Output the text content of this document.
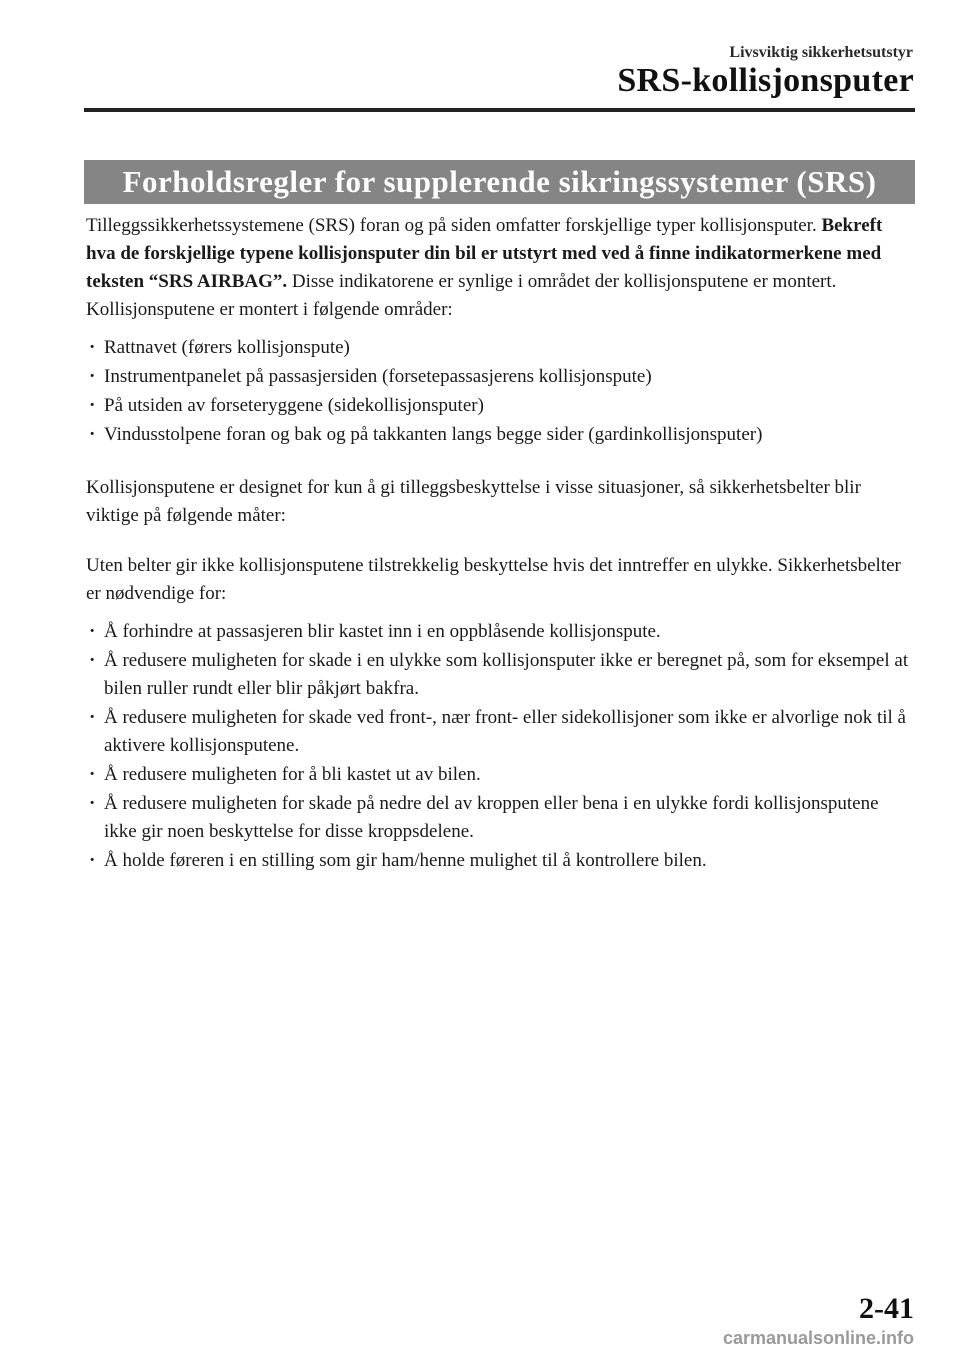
Livsviktig sikkerhetsutstyr
SRS-kollisjonsputer
Forholdsregler for supplerende sikringssystemer (SRS)

Tilleggssikkerhetssystemene (SRS) foran og på siden omfatter forskjellige typer kollisjonsputer. Bekreft hva de forskjellige typene kollisjonsputer din bil er utstyrt med ved å finne indikatormerkene med teksten “SRS AIRBAG”. Disse indikatorene er synlige i området der kollisjonsputene er montert.

Kollisjonsputene er montert i følgende områder:

· Rattnavet (førers kollisjonspute)
· Instrumentpanelet på passasjersiden (forsetepassasjerens kollisjonspute)
· På utsiden av forseteryggene (sidekollisjonsputer)
· Vindusstolpene foran og bak og på takkanten langs begge sider (gardinkollisjonsputer)

Kollisjonsputene er designet for kun å gi tilleggsbeskyttelse i visse situasjoner, så sikkerhetsbelter blir viktige på følgende måter:

Uten belter gir ikke kollisjonsputene tilstrekkelig beskyttelse hvis det inntreffer en ulykke. Sikkerhetsbelter er nødvendige for:

· Å forhindre at passasjeren blir kastet inn i en oppblåsende kollisjonspute.
· Å redusere muligheten for skade i en ulykke som kollisjonsputer ikke er beregnet på, som for eksempel at bilen ruller rundt eller blir påkjørt bakfra.
· Å redusere muligheten for skade ved front-, nær front- eller sidekollisjoner som ikke er alvorlige nok til å aktivere kollisjonsputene.
· Å redusere muligheten for å bli kastet ut av bilen.
· Å redusere muligheten for skade på nedre del av kroppen eller bena i en ulykke fordi kollisjonsputene ikke gir noen beskyttelse for disse kroppsdelene.
· Å holde føreren i en stilling som gir ham/henne mulighet til å kontrollere bilen.
2-41
carmanualsonline.info
